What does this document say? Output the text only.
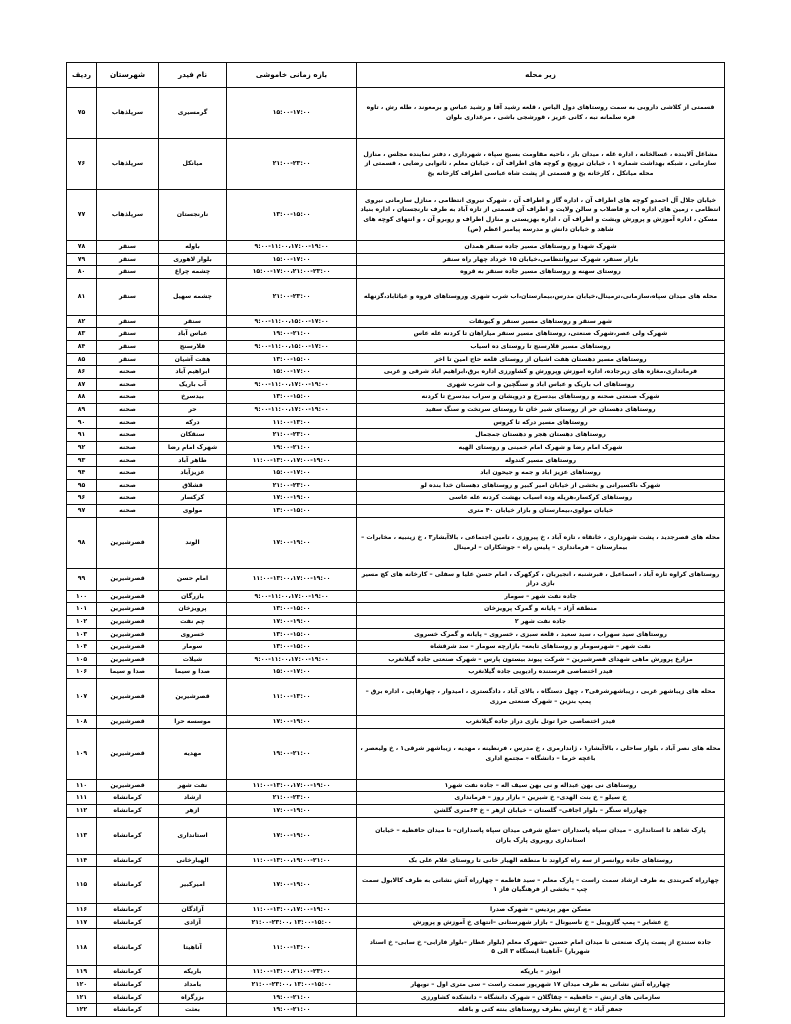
زیر محله	بازه زمانی خاموشی	نام فیدر	شهرستان	ردیف
قسمتی از کلاشی داروبی به سمت روستاهای دول الیاس ، قلعه رشید آقا و رشید عباس و برمعوند ، طله رش ، تاوه فره سلمانه نبه ، کانی عزیز ، قورشجی باشی ، مرغداری بلوان	۱۵:۰۰-۱۷:۰۰	گرمسیری	سرپلذهاب	۷۵
مشاغل آلاینده ، غسالخانه ، اداره غله ، میدان بار ، ناحیه مقاومت بسیج سپاه ، شهرداری ، دفتر نماینده مجلس ، منازل سازمانی ، شبکه بهداشت شماره ۱ ، خیابان ترویج و کوچه های اطراف آن ، خیابان معلم ، ثانوابی رضایی ، قسمتی از محله میانکل ، کارخانه یخ و قسمتی از پشت شاه عباسی اطراف کارخانه یخ	۲۱:۰۰-۲۳:۰۰	میانکل	سرپلذهاب	۷۶
خیابان جلال آل احمدو کوچه های اطراف آن ، اداره گاز و اطراف آن ، شهرک نیروی انتظامی ، منازل سازمانی نیروی انتظامی ، زمین های اداره اب و فاضلاب و سالن ولایت و اطراف آن قسمتی از تازه آباد به طرف نارنجستان ، اداره بنیاد مسکن ، اداره آموزش و پرورش ویشت و اطراف آن ، اداره بهزیستی و منازل اطراف و روبرو آن ، و انتهای کوچه های شاهد و خیابان دانش و مدرسه پیامبر اعظم (ص)	۱۳:۰۰-۱۵:۰۰	نارنجستان	سرپلذهاب	۷۷
شهرک شهدا و روستاهای مسیر جاده سنقر همدان	۹:۰۰-۱۱:۰۰،۱۷:۰۰-۱۹:۰۰	باوله	سنقر	۷۸
بازار سنقر، شهرک نیروانتظامی،خیابان ۱۵ خرداد چهار راه سنقر	۱۵:۰۰-۱۷:۰۰	بلوار لاهوری	سنقر	۷۹
روستای سهنه و روستاهای مسیر جاده سنقر به قروه	۱۵:۰۰-۱۷:۰۰،۲۱:۰۰-۲۳:۰۰	چشمه چراغ	سنقر	۸۰
محله های میدان سپاه،سازمانی،ترمینال،خیابان مدرس،بیمارستان،اب شرب شهری وروستاهای قروه و غیاثاباد،گزنهله	۲۱:۰۰-۲۳:۰۰	چشمه سهیل	سنقر	۸۱
شهر سنقر و روستاهای مسیر سنقر و کیونقات	۹:۰۰-۱۱:۰۰،۱۵:۰۰-۱۷:۰۰	سنقر	سنقر	۸۲
شهرک ولی عصر،شهرک صنعتی، روستاهای مسیر سنقر میاراهان تا کردنه عله عاس	۱۹:۰۰-۲۱:۰۰	عباس آباد	سنقر	۸۳
روستاهای مسیر قلارسنج تا روستای ده اسیاب	۹:۰۰-۱۱:۰۰،۱۵:۰۰-۱۷:۰۰	قلارسنج	سنقر	۸۴
روستاهای مسیر دهستان هفت اشیان از روستای قلعه حاج امین تا اخر	۱۳:۰۰-۱۵:۰۰	هفت آشیان	سنقر	۸۵
فرمانداری،مغازه های زیرجاده، اداره اموزش وپرورش و کشاورزی اداره برق،ابراهیم اباد شرقی و غربی	۱۵:۰۰-۱۷:۰۰	ابراهیم آباد	صحنه	۸۶
روستاهای اب باریک و عباس اباد و سنگچین و اب شرب شهری	۹:۰۰-۱۱:۰۰،۱۷:۰۰-۱۹:۰۰	آب باریک	صحنه	۸۷
شهرک صنعتی صحنه و روستاهای بیدسرخ و درویشان و سراب بیدسرخ تا کردنه	۱۳:۰۰-۱۵:۰۰	بیدسرخ	صحنه	۸۸
روستاهای دهستان حر از روستای شیر خان تا روستای سرتخت و سنگ سفید	۹:۰۰-۱۱:۰۰،۱۷:۰۰-۱۹:۰۰	حر	صحنه	۸۹
روستاهای مسیر درکه تا کروس	۱۱:۰۰-۱۳:۰۰	درکه	صحنه	۹۰
روستاهای دهستان هجر و دهستان جمجمال	۲۱:۰۰-۲۳:۰۰	سنقکان	صحنه	۹۱
شهرک امام رضا و شهرک امام خمینی و روستای الهیه	۱۹:۰۰-۲۱:۰۰	شهرک امام رضا	صحنه	۹۲
روستاهای مسیر کندوله	۱۱:۰۰-۱۳:۰۰،۱۷:۰۰-۱۹:۰۰	طاهر آباد	صحنه	۹۳
روستاهای عزیز اباد و جمه و جیحون اباد	۱۵:۰۰-۱۷:۰۰	عزیزآباد	صحنه	۹۴
شهرک ناکسیرانی و بخشی از خیابان امیر کبیر و روستاهای دهستان خدا بنده لو	۲۱:۰۰-۲۳:۰۰	قشلاق	صحنه	۹۵
روستاهای کرکسار،هریله وده اسیاب بهشت کردنه عله عاسی	۱۷:۰۰-۱۹:۰۰	کرکسار	صحنه	۹۶
خیابان مولوی،بیمارستان و بازار خیابان ۴۰ متری	۱۳:۰۰-۱۵:۰۰	مولوی	صحنه	۹۷
محله های قصرجدید ، پشت شهرداری ، خانقاه ، تازه آباد ، خ پیروزی ، تامین اجتماعی ، بالاآبشار۳ ، خ زینبیه ، مخابرات –بیمارستان – فرمانداری – پلیس راه – جوشکاران – لرمینال	۱۷:۰۰-۱۹:۰۰	الوند	قصرشیرین	۹۸
روستاهای کراوه تازه آباد ، اسماعیل ، قبرشنبه ، انجیربان ، کرکهرک ، امام حسن علیا و سفلی – کارخانه های کچ مسیر بازی دراز	۱۱:۰۰-۱۳:۰۰،۱۷:۰۰-۱۹:۰۰	امام حسن	قصرشیرین	۹۹
جاده نفت شهر – سومار	۹:۰۰-۱۱:۰۰،۱۷:۰۰-۱۹:۰۰	بازرگان	قصرشیرین	۱۰۰
منطقه آزاد – پایانه و گمرک پرویزخان	۱۳:۰۰-۱۵:۰۰	پرویزخان	قصرشیرین	۱۰۱
جاده نفت شهر ۲	۱۷:۰۰-۱۹:۰۰	چم نفت	قصرشیرین	۱۰۲
روستاهای سید سهراب ، سید سعید ، قلعه سبزی ، خسروی – پایانه و گمرک خسروی	۱۳:۰۰-۱۵:۰۰	خسروی	قصرشیرین	۱۰۳
نفت شهر – شهرسومار و روستاهای تابعه– بازارچه سومار – سد شرقشاه	۱۳:۰۰-۱۵:۰۰	سومار	قصرشیرین	۱۰۴
مزارع پرورش ماهی شهدای قصرشیرین – شرکت پیوند بیستون پارس – شهرک صنعتی جاده گیلانغرب	۹:۰۰-۱۱:۰۰،۱۷:۰۰-۱۹:۰۰	شیلات	قصرشیرین	۱۰۵
فیدر اختصاصی فرستنده رادیویی جاده گیلانغرب	۱۵:۰۰-۱۷:۰۰	صدا و سیما	صدا و سیما	۱۰۶
محله های زیباشهر غربی ، زیباشهرشرقی۲ ، چهل دستگاه ، بالای آباد ، دادگستری ، امیدوار ، چهارقاپی ، اداره برق – پمپ بنزین – شهرک صنعتی مرزی	۱۱:۰۰-۱۳:۰۰	قصرشیرین	قصرشیرین	۱۰۷
فیدر اختصاصی حرا توتل بازی دراز جاده گیلانغرب	۱۷:۰۰-۱۹:۰۰	موسسه حرا	قصرشیرین	۱۰۸
محله های نصر آباد ، بلوار ساحلی ، بالاآبشار۱ ، ژاندارمری ، خ مدرس ، فرنطینه ، مهدیه ، زیباشهر شرقی۱ ، خ ولیعصر ، باغچه خرما – دانشگاه – مجتمع اداری	۱۹:۰۰-۲۱:۰۰	مهدیه	قصرشیرین	۱۰۹
روستاهای نی بهن عبداله و نی بهن سیف اله – جاده نفت شهر۱	۱۱:۰۰-۱۳:۰۰،۱۷:۰۰-۱۹:۰۰	نفت شهر	قصرشیرین	۱۱۰
خ سیلو – خ بنت الهدی– خ شیرین – بازار روز – فرمانداری	۲۱:۰۰-۲۳:۰۰	ارشاد	کرمانشاه	۱۱۱
چهارراه سنگر – بلوار اجاقی– گلستان – خیابان ازهر – خ ۶۴متری گلشن	۱۷:۰۰-۱۹:۰۰	ازهر	کرمانشاه	۱۱۲
پارک شاهد تا استانداری – میدان سپاه پاسداران –ضلع شرقی میدان سپاه پاسداران– تا میدان حافظیه – خیابان استانداری روبروی پارک باران	۱۷:۰۰-۱۹:۰۰	استانداری	کرمانشاه	۱۱۳
روستاهای جاده روانسر از سه راه کراوند تا منطقه الهیار خانی تا روستای غلام علی بک	۱۱:۰۰-۱۳:۰۰،۱۹:۰۰-۲۱:۰۰	الهیارخانی	کرمانشاه	۱۱۴
چهارراه کمربندی به طرف ارشاد سمت راست – پارک معلم – سید فاطمه – چهارراه آتش نشانی به طرف کالابول سمت چپ – بخشی از فرهنگیان فاز ۱	۱۷:۰۰-۱۹:۰۰	امیرکبیر	کرمانشاه	۱۱۵
مسکن مهر پردیس – شهرک صدرا	۱۱:۰۰-۱۳:۰۰،۱۷:۰۰-۱۹:۰۰	آزادگان	کرمانشاه	۱۱۶
خ عشایر – پمپ گازوییل – خ ناسیونال – بازار شهرستانی –انتهای خ آموزش و پرورش	۱۳:۰۰-۱۵:۰۰ ،۲۱:۰۰-۲۳:۰۰	آزادی	کرمانشاه	۱۱۷
جاده سنندج از پست پارک صنعتی تا میدان امام حسین –شهرک معلم (بلوار عطار –بلوار فارابی– خ سابی– خ اسناد شهربار) –آناهیتا ایستگاه ۳ الی ۵	۱۱:۰۰-۱۳:۰۰	آناهیتا	کرمانشاه	۱۱۸
ابوذر – باریکه	۱۱:۰۰-۱۳:۰۰،۲۱:۰۰-۲۳:۰۰	باریکه	کرمانشاه	۱۱۹
چهارراه آتش نشانی به طرف میدان ۱۷ شهریور سمت راست – سی متری اول – نوبهار	۱۳:۰۰-۱۵:۰۰ ،۲۱:۰۰-۲۳:۰۰	بامداد	کرمانشاه	۱۲۰
سازمانی های ارتش – حافظیه – چقاگلان – شهرک دانشگاه – دانشکده کشاورزی	۱۹:۰۰-۲۱:۰۰	بزرگراه	کرمانشاه	۱۲۱
جعفر آباد – خ ارتش بطرف روستاهای بنته کتی و باقله	۱۹:۰۰-۲۱:۰۰	بعثت	کرمانشاه	۱۲۲
